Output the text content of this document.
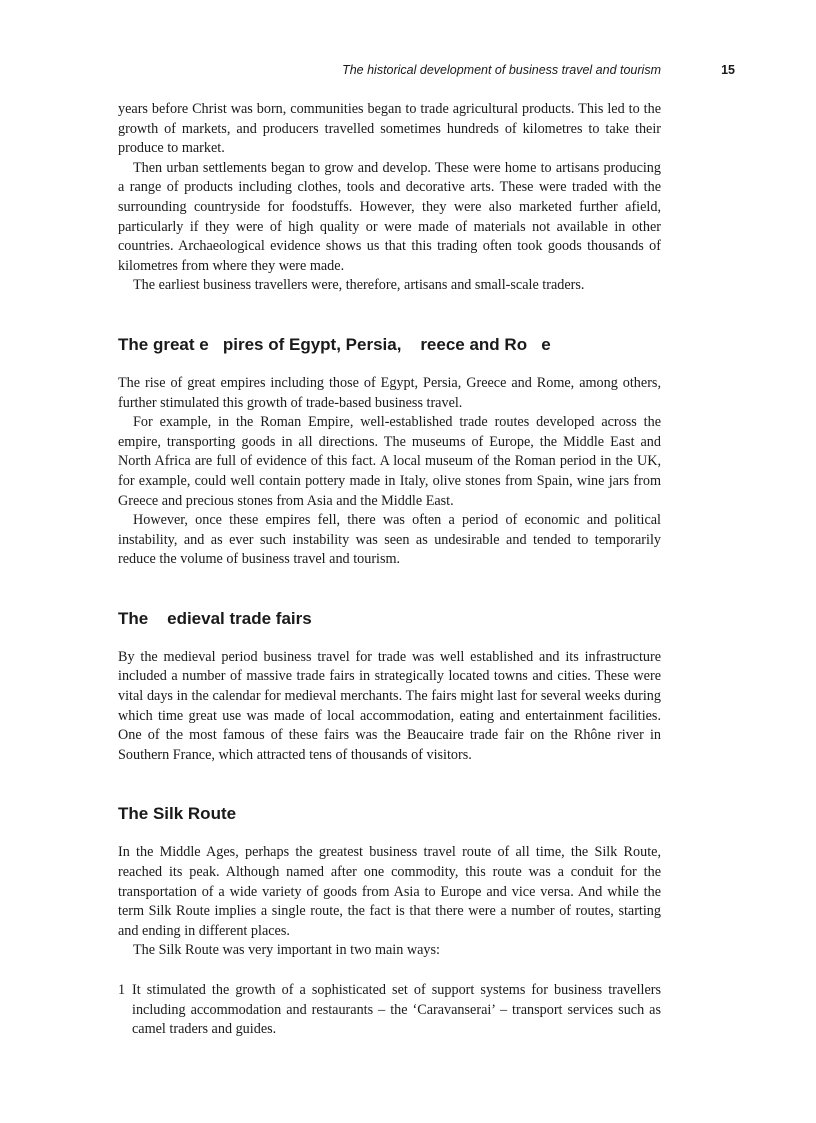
The historical development of business travel and tourism	15

years before Christ was born, communities began to trade agricultural products. This led to the growth of markets, and producers travelled sometimes hundreds of kilometres to take their produce to market.

Then urban settlements began to grow and develop. These were home to artisans producing a range of products including clothes, tools and decorative arts. These were traded with the surrounding countryside for foodstuffs. However, they were also marketed further afield, particularly if they were of high quality or were made of materials not available in other countries. Archaeological evidence shows us that this trading often took goods thousands of kilometres from where they were made.

The earliest business travellers were, therefore, artisans and small-scale traders.

The great e   pires of Egypt, Persia,    reece and Ro   e

The rise of great empires including those of Egypt, Persia, Greece and Rome, among others, further stimulated this growth of trade-based business travel.

For example, in the Roman Empire, well-established trade routes developed across the empire, transporting goods in all directions. The museums of Europe, the Middle East and North Africa are full of evidence of this fact. A local museum of the Roman period in the UK, for example, could well contain pottery made in Italy, olive stones from Spain, wine jars from Greece and precious stones from Asia and the Middle East.

However, once these empires fell, there was often a period of economic and political instability, and as ever such instability was seen as undesirable and tended to temporarily reduce the volume of business travel and tourism.

The    edieval trade fairs

By the medieval period business travel for trade was well established and its infrastructure included a number of massive trade fairs in strategically located towns and cities. These were vital days in the calendar for medieval merchants. The fairs might last for several weeks during which time great use was made of local accommodation, eating and entertainment facilities. One of the most famous of these fairs was the Beaucaire trade fair on the Rhône river in Southern France, which attracted tens of thousands of visitors.

The Silk Route

In the Middle Ages, perhaps the greatest business travel route of all time, the Silk Route, reached its peak. Although named after one commodity, this route was a conduit for the transportation of a wide variety of goods from Asia to Europe and vice versa. And while the term Silk Route implies a single route, the fact is that there were a number of routes, starting and ending in different places.

The Silk Route was very important in two main ways:

1 It stimulated the growth of a sophisticated set of support systems for business travellers including accommodation and restaurants – the ‘Caravanserai’ – transport services such as camel traders and guides.
